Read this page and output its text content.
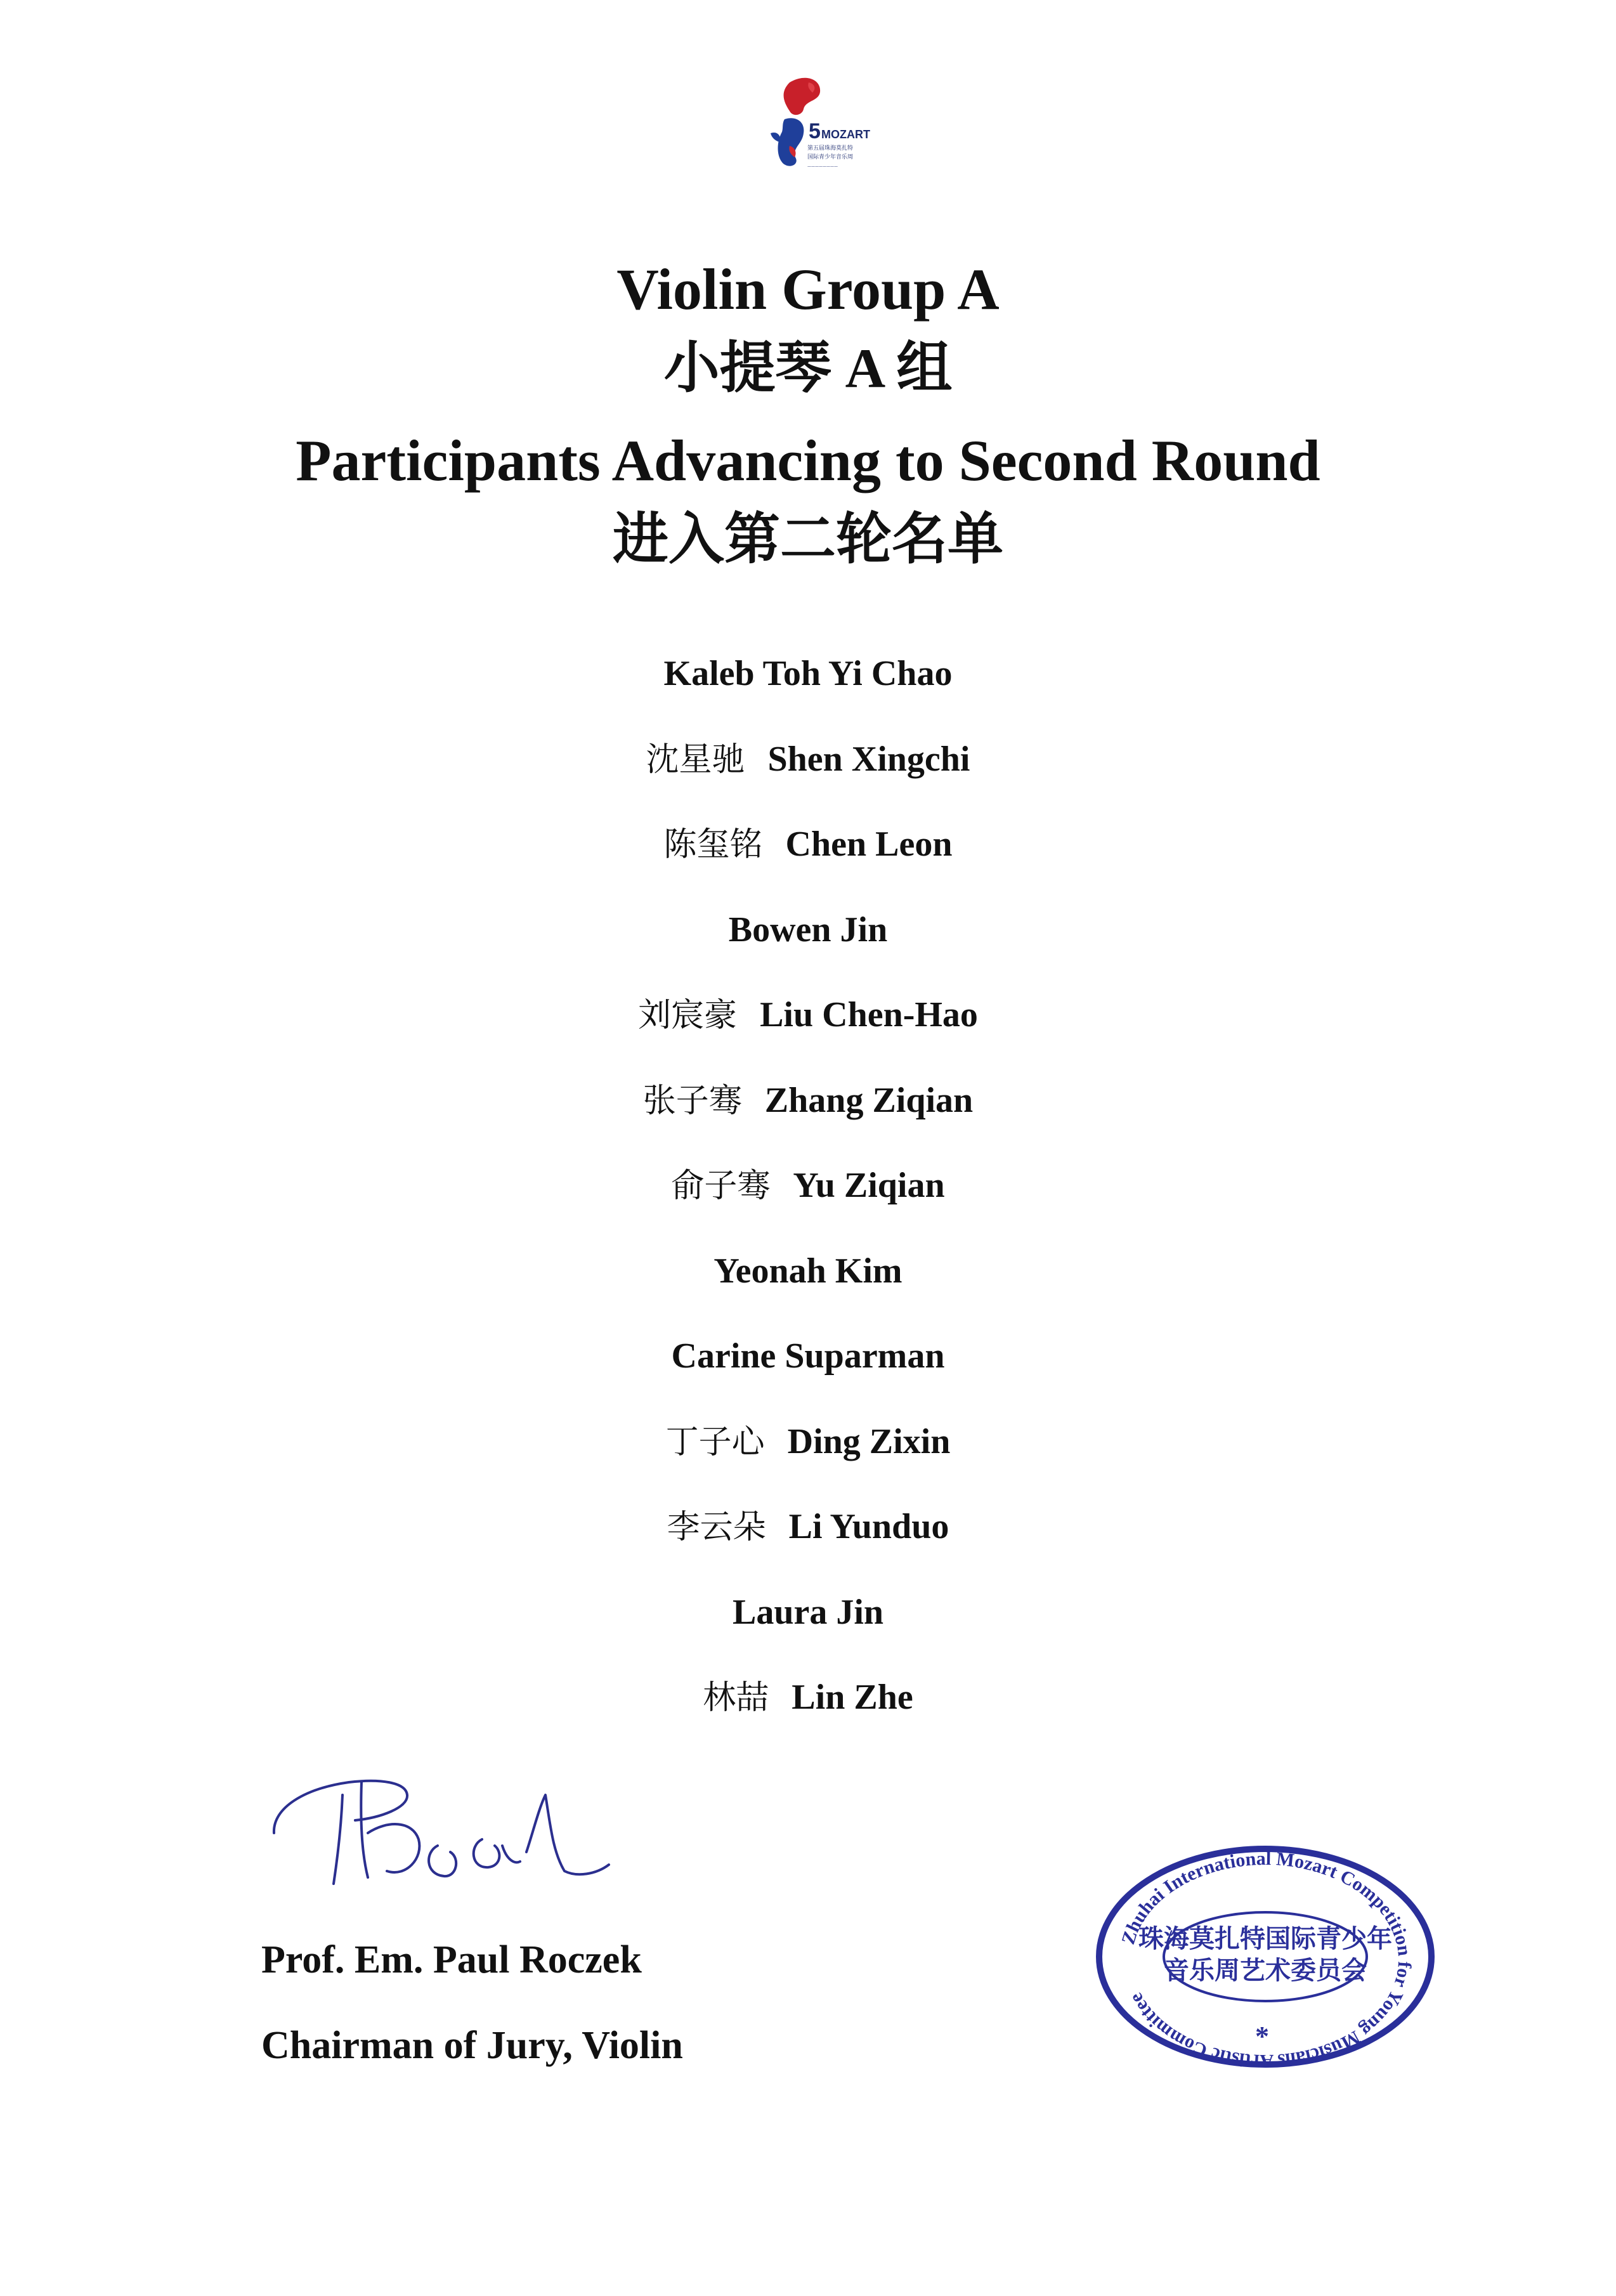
5 MOZART
第五届珠海莫扎特
国际青少年音乐周
————————
Violin Group A
小提琴 A 组
Participants Advancing to Second Round
进入第二轮名单
Kaleb Toh Yi Chao
沈星驰 Shen Xingchi
陈玺铭 Chen Leon
Bowen Jin
刘宸豪 Liu Chen-Hao
张子骞 Zhang Ziqian
俞子骞 Yu Ziqian
Yeonah Kim
Carine Suparman
丁子心 Ding Zixin
李云朵 Li Yunduo
Laura Jin
林喆 Lin Zhe
Prof. Em. Paul Roczek
Chairman of Jury, Violin
Zhuhai International Mozart Competition for Young Musicians Artistic Committee
珠海莫扎特国际青少年
音乐周艺术委员会
*
